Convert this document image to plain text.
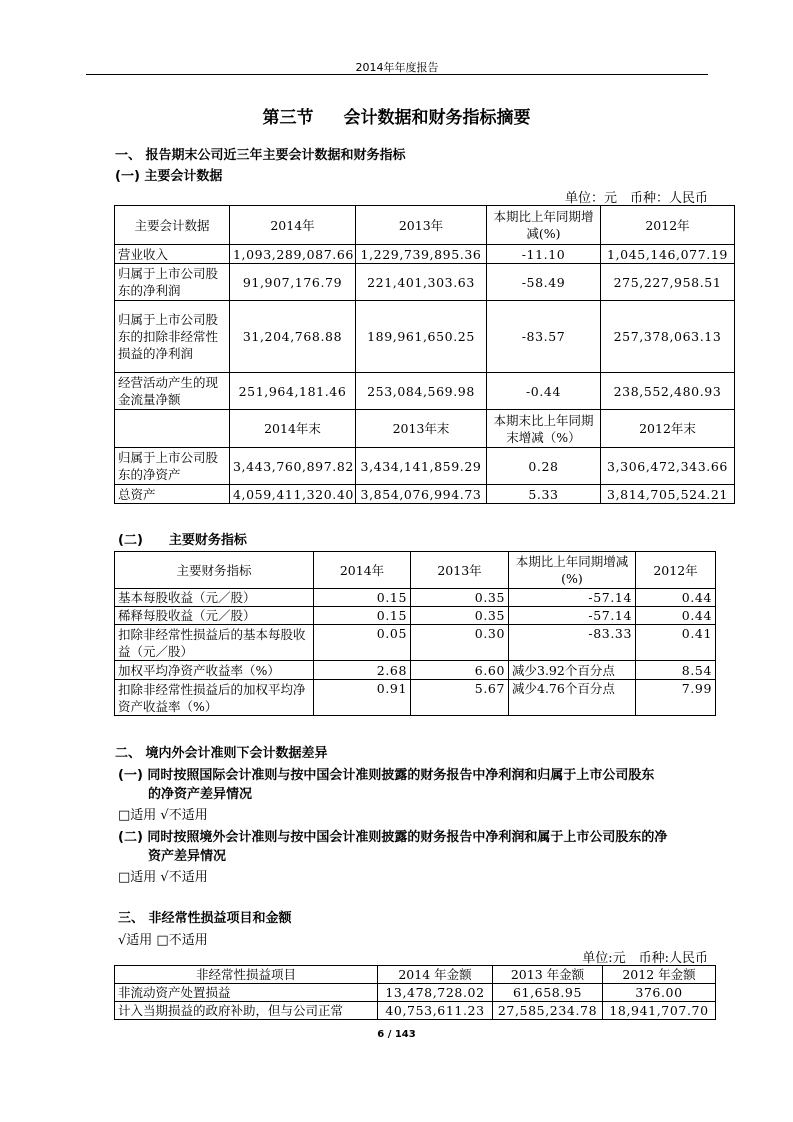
2014年年度报告
第三节 会计数据和财务指标摘要
一、 报告期末公司近三年主要会计数据和财务指标
(一) 主要会计数据
单位：元　币种：人民币
主要会计数据	2014年	2013年	本期比上年同期增减(%)	2012年
营业收入	1,093,289,087.66	1,229,739,895.36	-11.10	1,045,146,077.19
归属于上市公司股东的净利润	91,907,176.79	221,401,303.63	-58.49	275,227,958.51
归属于上市公司股东的扣除非经常性损益的净利润	31,204,768.88	189,961,650.25	-83.57	257,378,063.13
经营活动产生的现金流量净额	251,964,181.46	253,084,569.98	-0.44	238,552,480.93
	2014年末	2013年末	本期末比上年同期末增减（%）	2012年末
归属于上市公司股东的净资产	3,443,760,897.82	3,434,141,859.29	0.28	3,306,472,343.66
总资产	4,059,411,320.40	3,854,076,994.73	5.33	3,814,705,524.21
(二)　　主要财务指标
主要财务指标	2014年	2013年	本期比上年同期增减(%)	2012年
基本每股收益（元／股）	0.15	0.35	-57.14	0.44
稀释每股收益（元／股）	0.15	0.35	-57.14	0.44
扣除非经常性损益后的基本每股收益（元／股）	0.05	0.30	-83.33	0.41
加权平均净资产收益率（%）	2.68	6.60	减少3.92个百分点	8.54
扣除非经常性损益后的加权平均净资产收益率（%）	0.91	5.67	减少4.76个百分点	7.99
二、 境内外会计准则下会计数据差异
(一) 同时按照国际会计准则与按中国会计准则披露的财务报告中净利润和归属于上市公司股东
的净资产差异情况
□适用 √不适用
(二) 同时按照境外会计准则与按中国会计准则披露的财务报告中净利润和属于上市公司股东的净
资产差异情况
□适用 √不适用
三、 非经常性损益项目和金额
√适用 □不适用
单位:元　币种:人民币
非经常性损益项目	2014 年金额	2013 年金额	2012 年金额
非流动资产处置损益	13,478,728.02	61,658.95	376.00
计入当期损益的政府补助，但与公司正常	40,753,611.23	27,585,234.78	18,941,707.70
6 / 143
